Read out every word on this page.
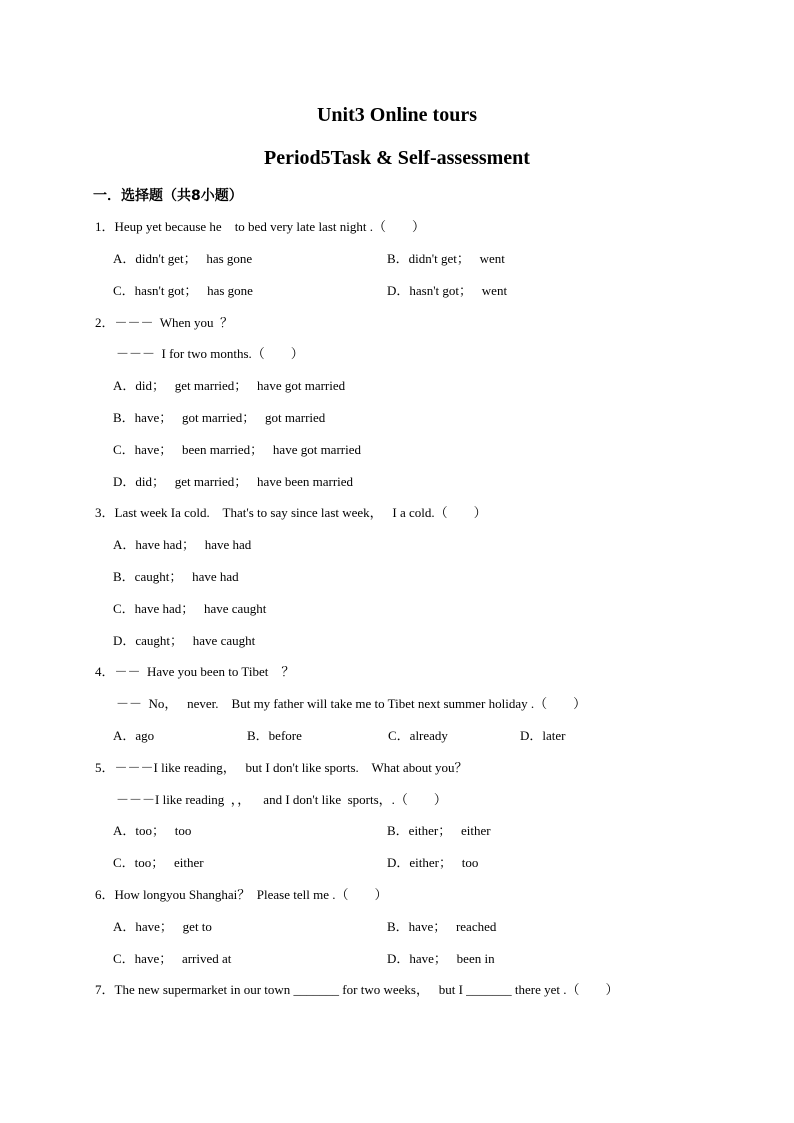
Unit3 Online tours
Period5Task & Self-assessment
一．选择题（共8小题）
1．Heup yet because he    to bed very late last night .（        ）
A．didn't get；   has gone	B．didn't get；   went
C．hasn't got；   has gone	D．hasn't got；   went
2．－－－  When you  ？
－－－  I for two months.（        ）
A．did；   get married；   have got married
B．have；   got married；   got married
C．have；   been married；   have got married
D．did；   get married；   have been married
3．Last week Ia cold.    That's to say since last week，   I a cold.（        ）
A．have had；   have had
B．caught；   have had
C．have had；   have caught
D．caught；   have caught
4．－－  Have you been to Tibet    ？
－－  No，   never.    But my father will take me to Tibet next summer holiday .（        ）
A．ago	B．before	C．already	D．later
5．－－－I like reading，   but I don't like sports.    What about you？
－－－I like reading  ，，    and I don't like  sports，.（        ）
A．too；   too	B．either；   either
C．too；   either	D．either；   too
6．How longyou Shanghai？  Please tell me .（        ）
A．have；   get to	B．have；   reached
C．have；   arrived at	D．have；   been in
7．The new supermarket in our town _______ for two weeks，   but I _______ there yet .（        ）
